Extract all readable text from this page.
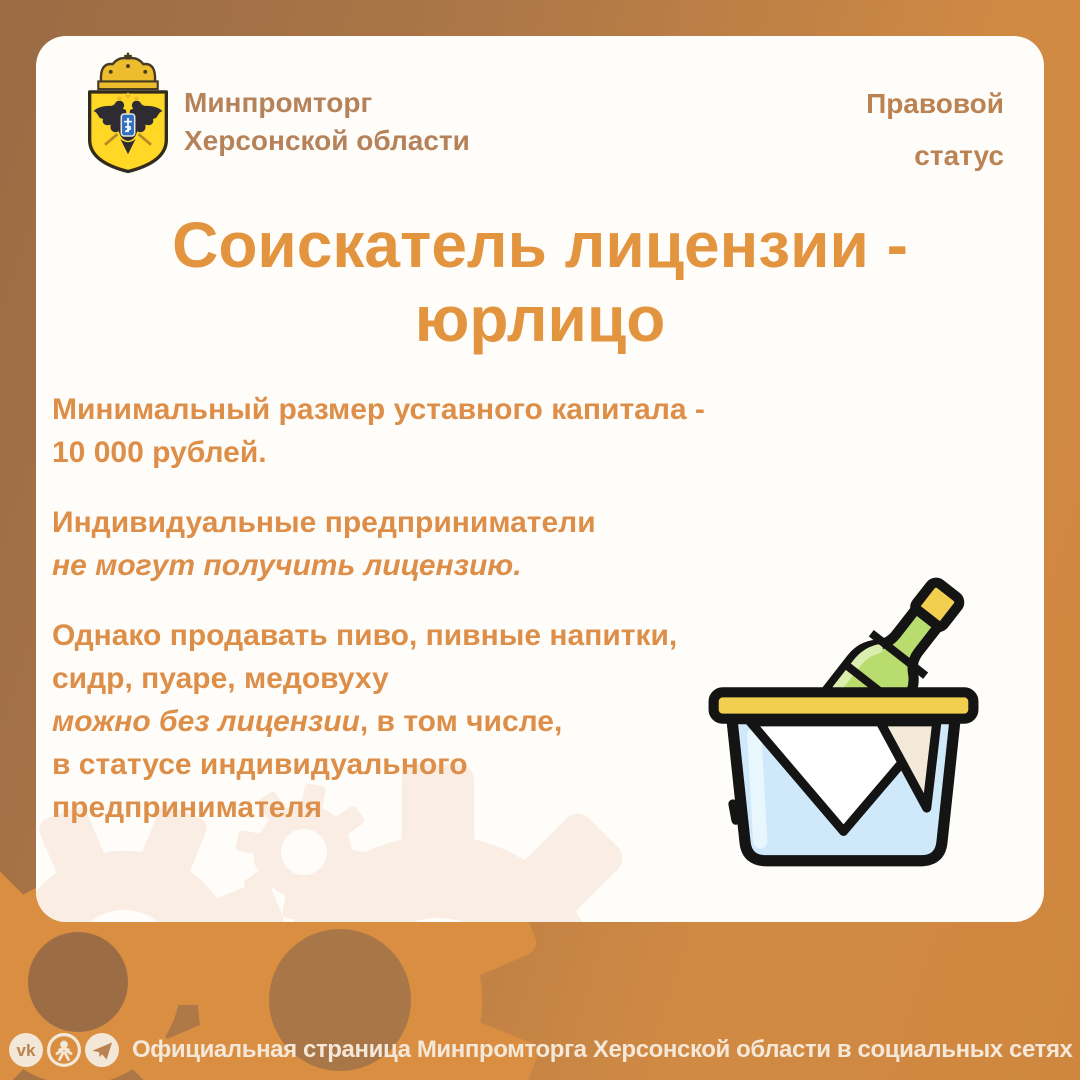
Минпромторг
Херсонской области
Правовой
статус
Соискатель лицензии -
юрлицо

Минимальный размер уставного капитала -
10 000 рублей.

Индивидуальные предприниматели
не могут получить лицензию.

Однако продавать пиво, пивные напитки,
сидр, пуаре, медовуху
можно без лицензии, в том числе,
в статусе индивидуального
предпринимателя

vk	Официальная страница Минпромторга Херсонской области в социальных сетях
